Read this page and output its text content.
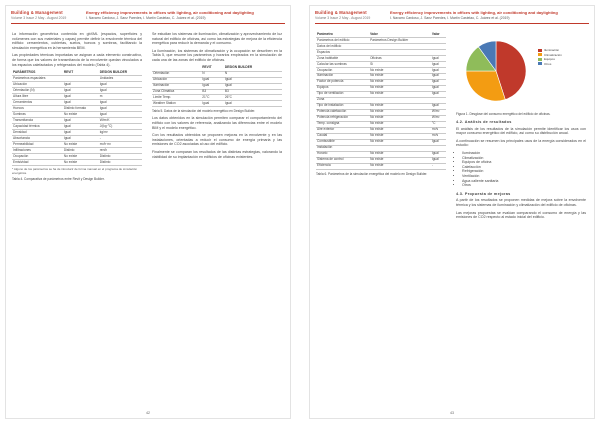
Building & Management
Volume 3 Issue 2 May - August 2019
Energy efficiency improvements in offices with lighting, air conditioning and daylighting
I. Navarro Cardoso, J. Sanz Paredes, I. Martín Castelao, C. Juárez et al. (2019)

La información geométrica contenida en gbXML (espacios, superficies y volúmenes con sus materiales y capas) permite definir la envolvente térmica del edificio: cerramientos, cubiertas, suelos, huecos y sombras, facilitando la simulación energética en la herramienta BEM.

Las propiedades térmicas importadas se asignan a cada elemento constructivo, de forma que los valores de transmitancia de la envolvente quedan vinculados a los espacios calefactados y refrigerados del modelo (Tabla 4).

PARÁMETROS	REVIT	DESIGN BUILDER
Parámetros espaciales		Unidades
Ubicación	Igual	Igual
Orientación (N)	Igual	Igual
Altura libre	Igual	m
Cerramientos	Igual	Igual
Huecos	Distinto formato	Igual
Sombras	No existe	Igual
Transmitancia	Igual	W/m²K
Capacidad térmica	Igual	J/(kg·°C)
Densidad	Igual	kg/m³
Absortancia	Igual	-
Permeabilidad	No existe	m³/h·m²
Infiltraciones	Distinto	ren/h
Ocupación	No existe	Distinto
Emisividad	No existe	Distinto
* Alguno de los parámetros se ha de introducir de forma manual en el programa de simulación energética.
Tabla 4. Comparativa de parámetros entre Revit y Design Builder.

Se estudian los sistemas de iluminación, climatización y aprovechamiento de luz natural del edificio de oficinas, así como las estrategias de mejora de la eficiencia energética para reducir la demanda y el consumo.

La iluminación, los sistemas de climatización y la ocupación se describen en la Tabla 5, que resume los parámetros y horarios empleados en la simulación de cada una de las zonas del edificio de oficinas.

	REVIT	DESIGN BUILDER
Orientación	N	N
Ubicación	Igual	Igual
Iluminación	Igual	Igual
Zona Climática	B3	B3
Límite Temp.	21°C	26°C
Weather Station	Igual	Igual
Tabla 5. Datos de la simulación del modelo energético en Design Builder.

Los datos obtenidos en la simulación permiten comparar el comportamiento del edificio con los valores de referencia, analizando las diferencias entre el modelo BIM y el modelo energético.

Con los resultados obtenidos se proponen mejoras en la envolvente y en las instalaciones, orientadas a reducir el consumo de energía primaria y las emisiones de CO2 asociadas al uso del edificio.

Finalmente se comparan los resultados de las distintas estrategias, valorando la viabilidad de su implantación en edificios de oficinas existentes.

42
Building & Management
Volume 3 Issue 2 May - August 2019
Energy efficiency improvements in offices with lighting, air conditioning and daylighting
I. Navarro Cardoso, J. Sanz Paredes, I. Martín Castelao, C. Juárez et al. (2019)
Parámetro	Valor	Valor
Parámetros del edificio	Parámetros Design Builder	
Datos del edificio		
Espacios		
Zona habitable	Oficinas	Igual
Calcular las sombras	Sí	Igual
Ocupación	No existe	Igual
Iluminación	No existe	Igual
Factor de potencia	No existe	Igual
Equipos	No existe	Igual
Tipo de ventilación	No existe	Igual
Zona		
Tipo de instalación	No existe	Igual
Potencia calefacción	No existe	W/m²
Potencia refrigeración	No existe	W/m²
Temp. consigna	No existe	°C
Aire exterior	No existe	m³/s
Caudal	No existe	m³/s
Combustible	No existe	Igual
Instalación		
Horario	No existe	Igual
Sistema de control	No existe	Igual
Eficiencia	No existe	-
Tabla 6. Parámetros de la simulación energética del modelo en Design Builder.
Iluminación
Climatización
Equipos
Otros
Figura 1. Desglose del consumo energético del edificio de oficinas.
4.2. Análisis de resultados

El análisis de los resultados de la simulación permite identificar los usos con mayor consumo energético del edificio, así como su distribución anual.

A continuación se resumen los principales usos de la energía considerados en el estudio:

• Iluminación
• Climatización
• Equipos de oficina
• Calefacción
• Refrigeración
• Ventilación
• Agua caliente sanitaria
• Otros
4.3. Propuesta de mejoras

A partir de los resultados se proponen medidas de mejora sobre la envolvente térmica y los sistemas de iluminación y climatización del edificio de oficinas.

Las mejoras propuestas se evalúan comparando el consumo de energía y las emisiones de CO2 respecto al estado inicial del edificio.

43
